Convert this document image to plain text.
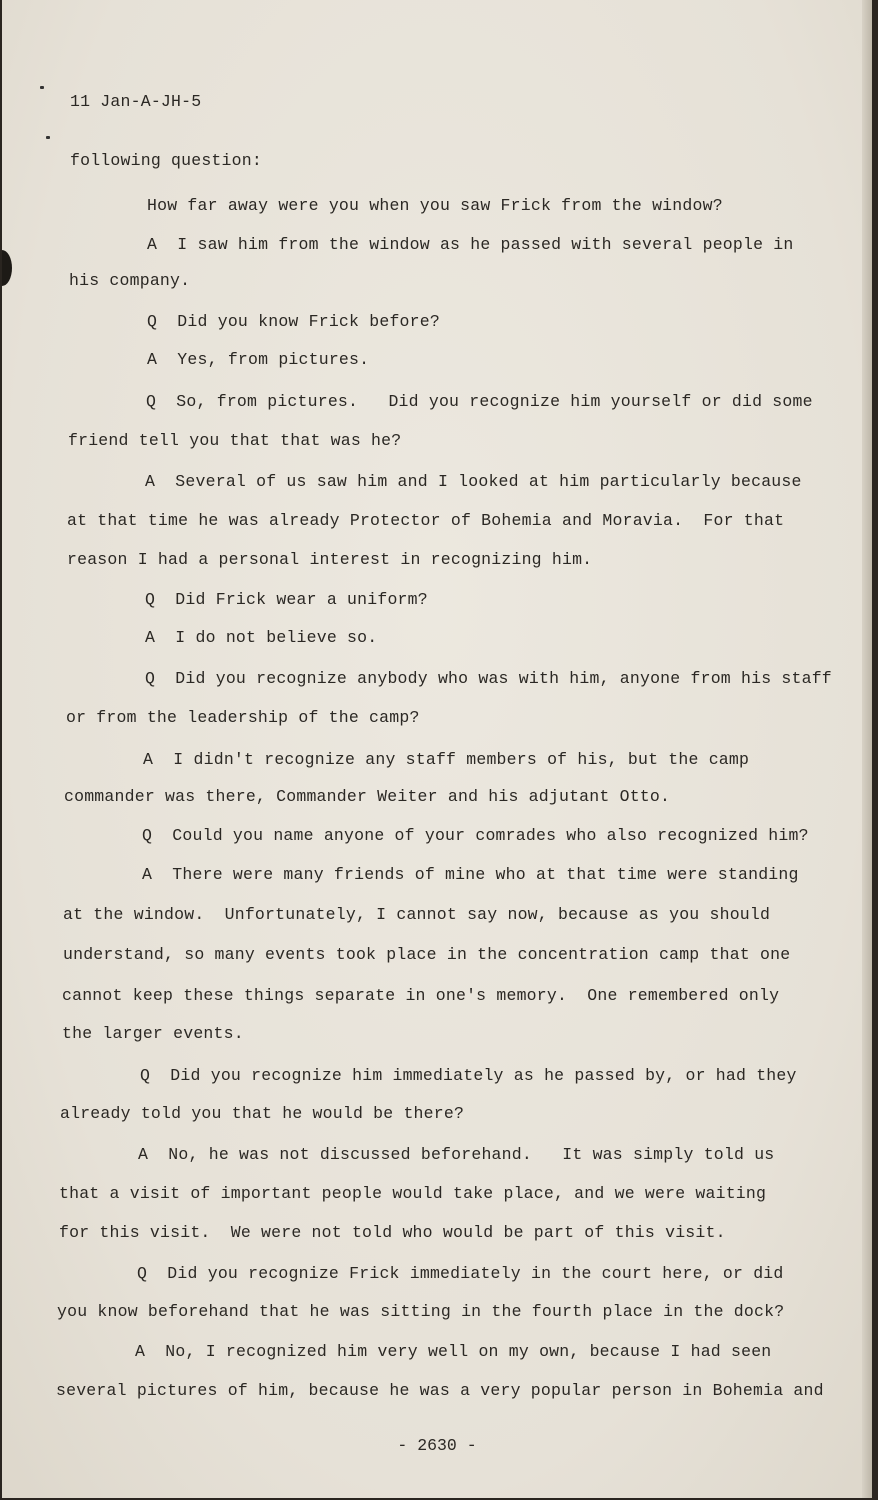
11 Jan-A-JH-5
following question:
How far away were you when you saw Frick from the window?
A  I saw him from the window as he passed with several people in
his company.
Q  Did you know Frick before?
A  Yes, from pictures.
Q  So, from pictures.   Did you recognize him yourself or did some
friend tell you that that was he?
A  Several of us saw him and I looked at him particularly because
at that time he was already Protector of Bohemia and Moravia.  For that
reason I had a personal interest in recognizing him.
Q  Did Frick wear a uniform?
A  I do not believe so.
Q  Did you recognize anybody who was with him, anyone from his staff
or from the leadership of the camp?
A  I didn't recognize any staff members of his, but the camp
commander was there, Commander Weiter and his adjutant Otto.
Q  Could you name anyone of your comrades who also recognized him?
A  There were many friends of mine who at that time were standing
at the window.  Unfortunately, I cannot say now, because as you should
understand, so many events took place in the concentration camp that one
cannot keep these things separate in one's memory.  One remembered only
the larger events.
Q  Did you recognize him immediately as he passed by, or had they
already told you that he would be there?
A  No, he was not discussed beforehand.   It was simply told us
that a visit of important people would take place, and we were waiting
for this visit.  We were not told who would be part of this visit.
Q  Did you recognize Frick immediately in the court here, or did
you know beforehand that he was sitting in the fourth place in the dock?
A  No, I recognized him very well on my own, because I had seen
several pictures of him, because he was a very popular person in Bohemia and
- 2630 -
